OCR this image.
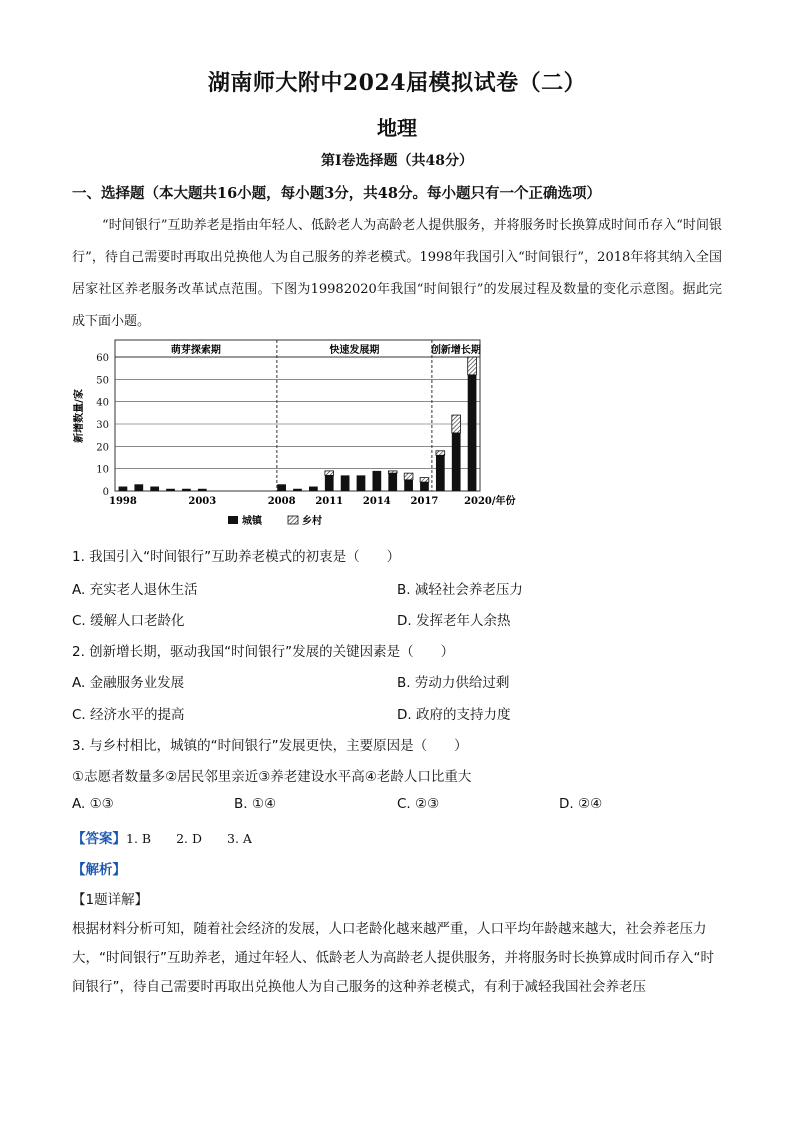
湖南师大附中2024届模拟试卷（二）
地理
第I卷选择题（共48分）
一、选择题（本大题共16小题，每小题3分，共48分。每小题只有一个正确选项）
“时间银行”互助养老是指由年轻人、低龄老人为高龄老人提供服务，并将服务时长换算成时间币存入“时间银行”，待自己需要时再取出兑换他人为自己服务的养老模式。1998年我国引入“时间银行”，2018年将其纳入全国居家社区养老服务改革试点范围。下图为19982020年我国“时间银行”的发展过程及数量的变化示意图。据此完成下面小题。
0
10
20
30
40
50
60
新增数量/家
萌芽探索期	快速发展期	创新增长期
1998	2003	2008 2011 2014 2017	2020/年份
城镇	乡村
1. 我国引入“时间银行”互助养老模式的初衷是（　　）
A. 充实老人退休生活	B. 减轻社会养老压力
C. 缓解人口老龄化	D. 发挥老年人余热
2. 创新增长期，驱动我国“时间银行”发展的关键因素是（　　）
A. 金融服务业发展	B. 劳动力供给过剩
C. 经济水平的提高	D. 政府的支持力度
3. 与乡村相比，城镇的“时间银行”发展更快，主要原因是（　　）
①志愿者数量多②居民邻里亲近③养老建设水平高④老龄人口比重大
A. ①③	B. ①④	C. ②③	D. ②④
【答案】1. B　　2. D　　3. A
【解析】
【1题详解】
根据材料分析可知，随着社会经济的发展，人口老龄化越来越严重，人口平均年龄越来越大，社会养老压力大，“时间银行”互助养老，通过年轻人、低龄老人为高龄老人提供服务，并将服务时长换算成时间币存入“时间银行”，待自己需要时再取出兑换他人为自己服务的这种养老模式，有利于减轻我国社会养老压
